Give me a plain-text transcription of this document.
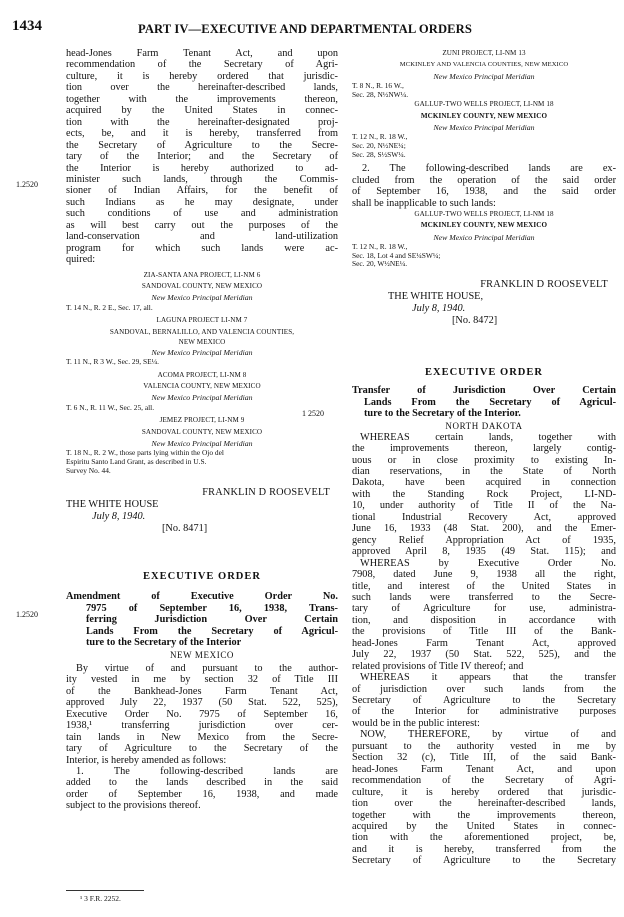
1434	PART IV—EXECUTIVE AND DEPARTMENTAL ORDERS
1.2520
1.2520
1 2520
head-Jones Farm Tenant Act, and upon
recommendation of the Secretary of Agri-
culture, it is hereby ordered that jurisdic-
tion over the hereinafter-described lands,
together with the improvements thereon,
acquired by the United States in connec-
tion with the hereinafter-designated proj-
ects, be, and it is hereby, transferred from
the Secretary of Agriculture to the Secre-
tary of the Interior; and the Secretary of
the Interior is hereby authorized to ad-
minister such lands, through the Commis-
sioner of Indian Affairs, for the benefit of
such Indians as he may designate, under
such conditions of use and administration
as will best carry out the purposes of the
land-conservation and land-utilization
program for which such lands were ac-
quired:
ZIA-SANTA ANA PROJECT, LI-NM 6
SANDOVAL COUNTY, NEW MEXICO
New Mexico Principal Meridian
T. 14 N., R. 2 E., Sec. 17, all.
LAGUNA PROJECT LI-NM 7
SANDOVAL, BERNALILLO, AND VALENCIA COUNTIES,
NEW MEXICO
New Mexico Principal Meridian
T. 11 N., R 3 W., Sec. 29, SE¼.
ACOMA PROJECT, LI-NM 8
VALENCIA COUNTY, NEW MEXICO
New Mexico Principal Meridian
T. 6 N., R. 11 W., Sec. 25, all.
JEMEZ PROJECT, LI-NM 9
SANDOVAL COUNTY, NEW MEXICO
New Mexico Principal Meridian
T. 18 N., R. 2 W., those parts lying within the Ojo del
Espiritu Santo Land Grant, as described in U.S.
Survey No. 44.
FRANKLIN D ROOSEVELT
THE WHITE HOUSE
July 8, 1940.
[No. 8471]
EXECUTIVE ORDER
Amendment of Executive Order No.
7975 of September 16, 1938, Trans-
ferring Jurisdiction Over Certain
Lands From the Secretary of Agricul-
ture to the Secretary of the Interior
NEW MEXICO
By virtue of and pursuant to the author-
ity vested in me by section 32 of Title III
of the Bankhead-Jones Farm Tenant Act,
approved July 22, 1937 (50 Stat. 522, 525),
Executive Order No. 7975 of September 16,
1938,¹ transferring jurisdiction over cer-
tain lands in New Mexico from the Secre-
tary of Agriculture to the Secretary of the
Interior, is hereby amended as follows:
1. The following-described lands are
added to the lands described in the said
order of September 16, 1938, and made
subject to the provisions thereof.
¹ 3 F.R. 2252.
ZUNI PROJECT, LI-NM 13
MCKINLEY AND VALENCIA COUNTIES, NEW MEXICO
New Mexico Principal Meridian
T. 8 N., R. 16 W.,
Sec. 28, N½NW¼.
GALLUP-TWO WELLS PROJECT, LI-NM 18
MCKINLEY COUNTY, NEW MEXICO
New Mexico Principal Meridian
T. 12 N., R. 18 W.,
Sec. 20, N½NE¼;
Sec. 28, S½SW¼.
2. The following-described lands are ex-
cluded from the operation of the said order
of September 16, 1938, and the said order
shall be inapplicable to such lands:
GALLUP-TWO WELLS PROJECT, LI-NM 18
MCKINLEY COUNTY, NEW MEXICO
New Mexico Principal Meridian
T. 12 N., R. 18 W.,
Sec. 18, Lot 4 and SE¼SW¼;
Sec. 20, W½NE¼.
FRANKLIN D ROOSEVELT
THE WHITE HOUSE,
July 8, 1940.
[No. 8472]
EXECUTIVE ORDER
Transfer of Jurisdiction Over Certain
Lands From the Secretary of Agricul-
ture to the Secretary of the Interior.
NORTH DAKOTA
WHEREAS certain lands, together with
the improvements thereon, largely contig-
uous or in close proximity to existing In-
dian reservations, in the State of North
Dakota, have been acquired in connection
with the Standing Rock Project, LI-ND-
10, under authority of Title II of the Na-
tional Industrial Recovery Act, approved
June 16, 1933 (48 Stat. 200), and the Emer-
gency Relief Appropriation Act of 1935,
approved April 8, 1935 (49 Stat. 115); and
WHEREAS by Executive Order No.
7908, dated June 9, 1938 all the right,
title, and interest of the United States in
such lands were transferred to the Secre-
tary of Agriculture for use, administra-
tion, and disposition in accordance with
the provisions of Title III of the Bank-
head-Jones Farm Tenant Act, approved
July 22, 1937 (50 Stat. 522, 525), and the
related provisions of Title IV thereof; and
WHEREAS it appears that the transfer
of jurisdiction over such lands from the
Secretary of Agriculture to the Secretary
of the Interior for administrative purposes
would be in the public interest:
NOW, THEREFORE, by virtue of and
pursuant to the authority vested in me by
Section 32 (c), Title III, of the said Bank-
head-Jones Farm Tenant Act, and upon
recommendation of the Secretary of Agri-
culture, it is hereby ordered that jurisdic-
tion over the hereinafter-described lands,
together with the improvements thereon,
acquired by the United States in connec-
tion with the aforementioned project, be,
and it is hereby, transferred from the
Secretary of Agriculture to the Secretary
